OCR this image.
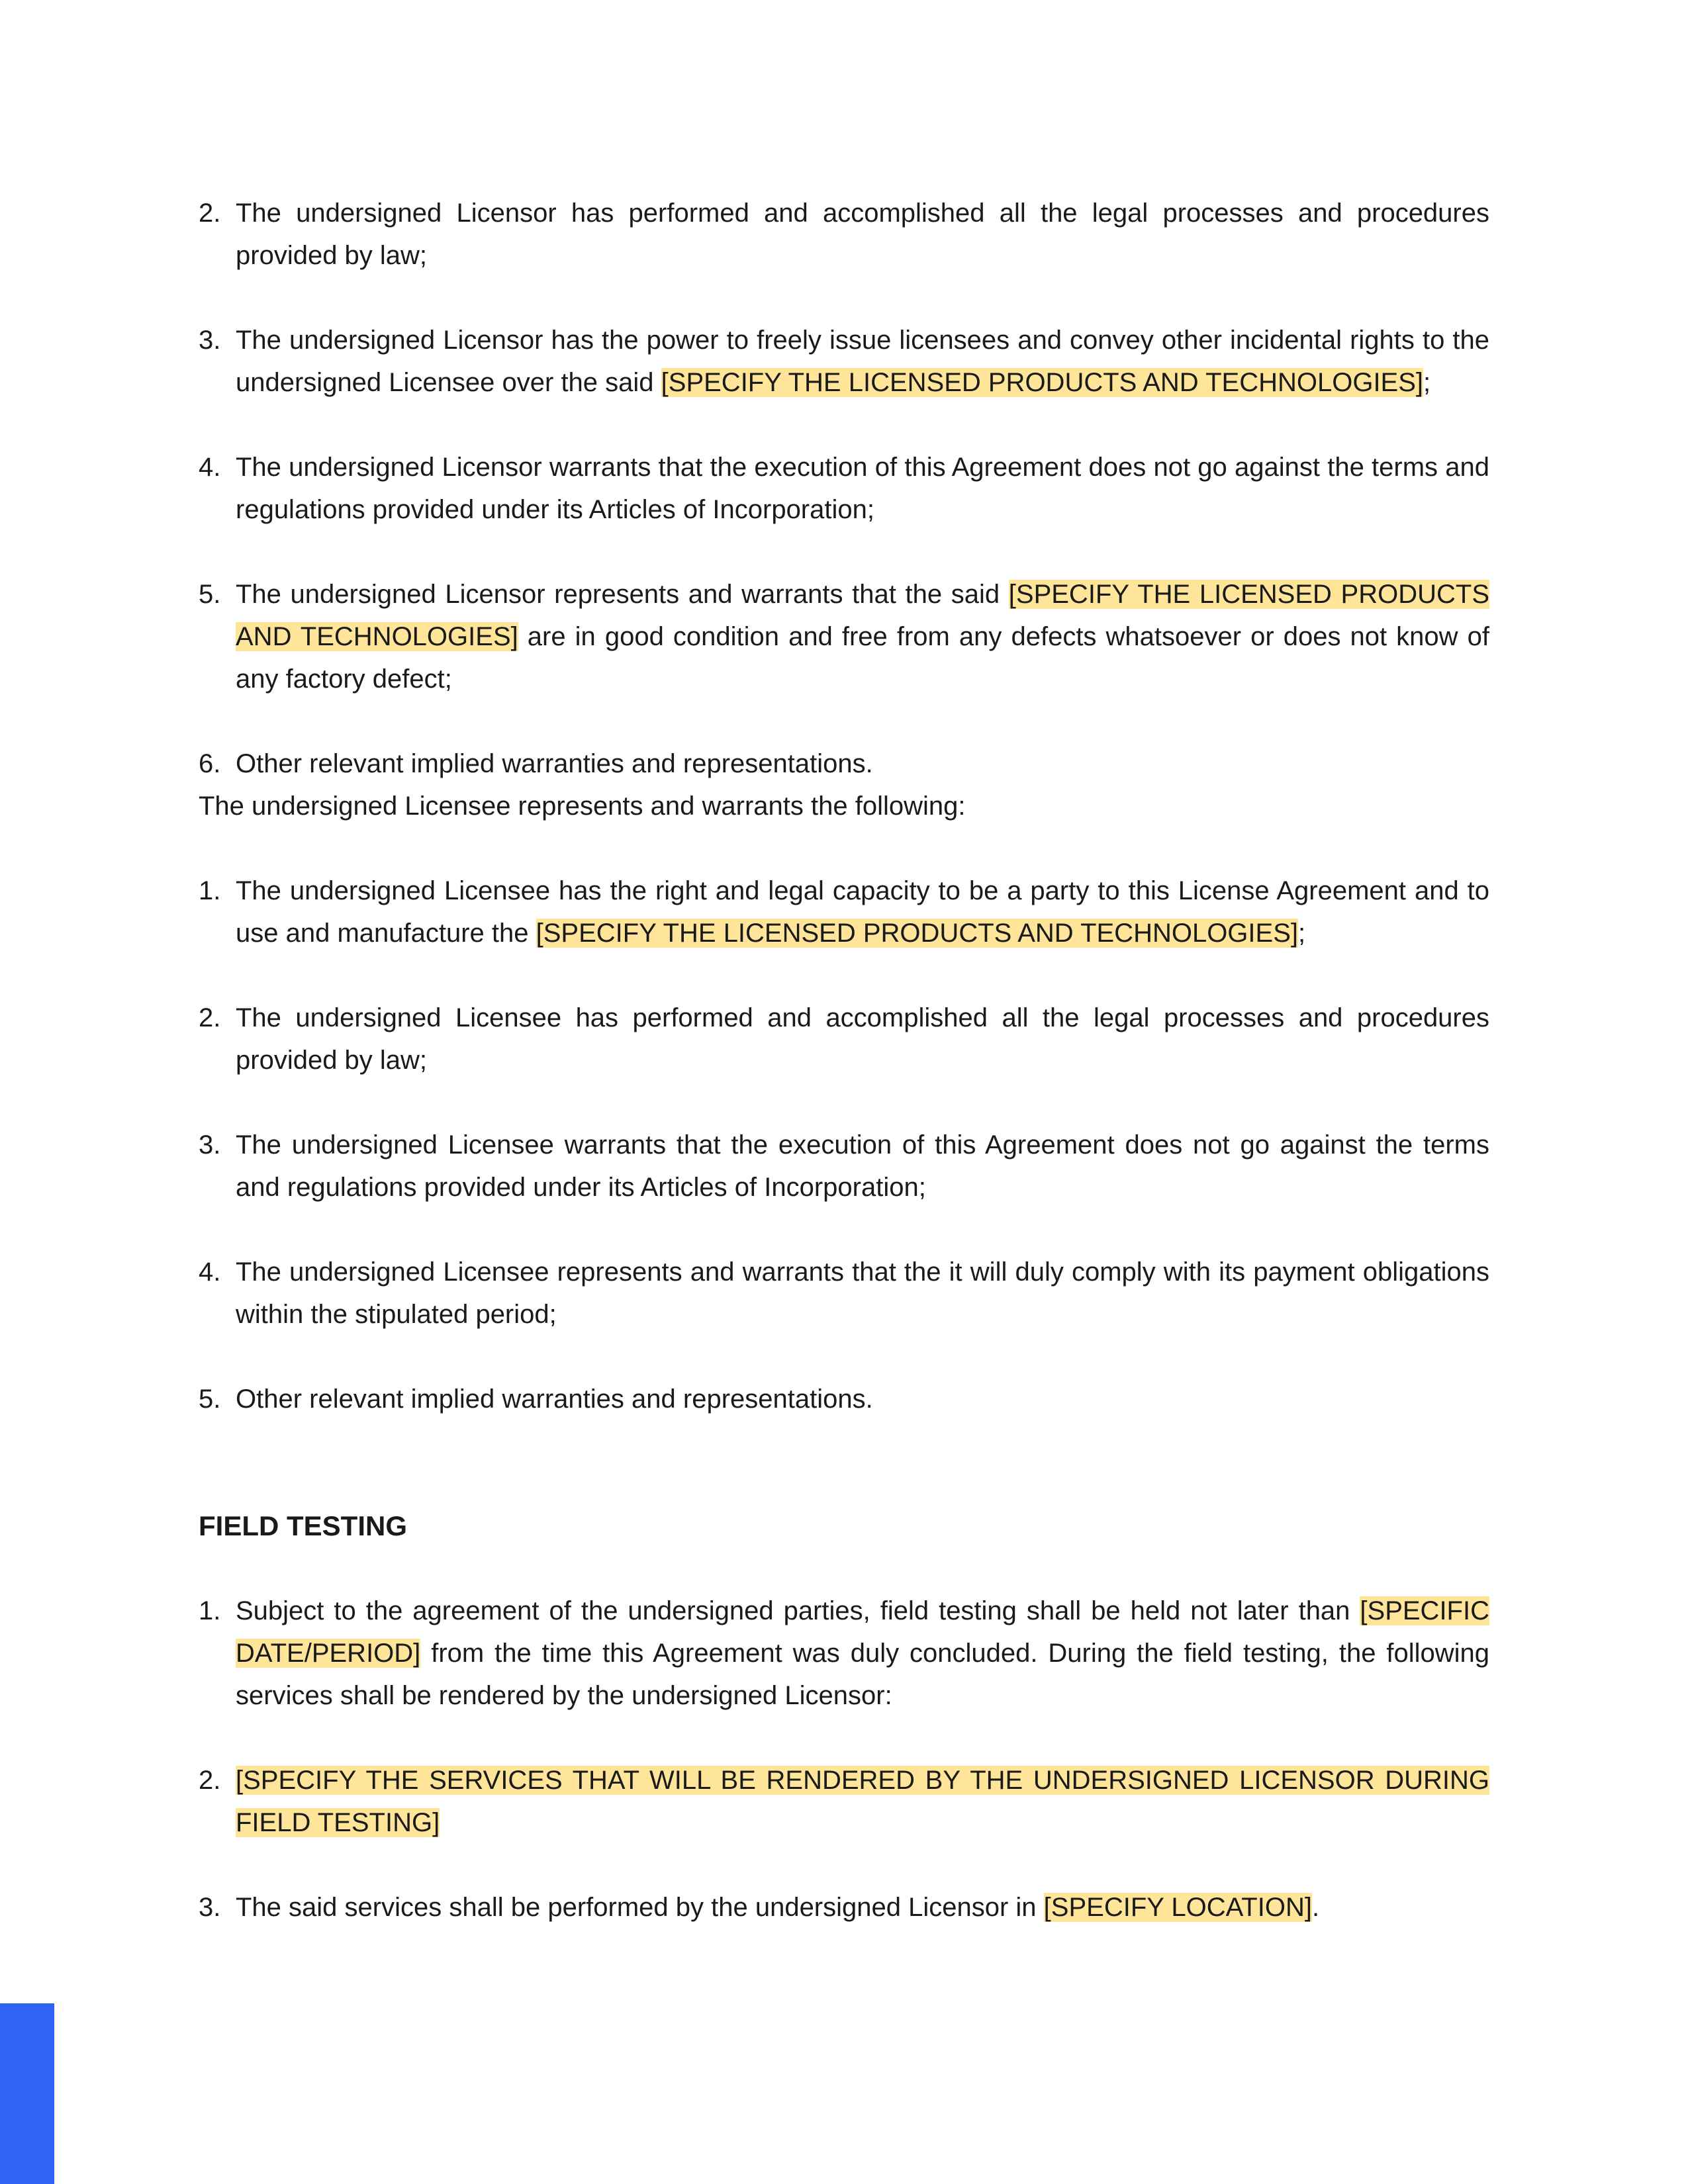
2. The undersigned Licensor has performed and accomplished all the legal processes and procedures provided by law;
3. The undersigned Licensor has the power to freely issue licensees and convey other incidental rights to the undersigned Licensee over the said [SPECIFY THE LICENSED PRODUCTS AND TECHNOLOGIES];
4. The undersigned Licensor warrants that the execution of this Agreement does not go against the terms and regulations provided under its Articles of Incorporation;
5. The undersigned Licensor represents and warrants that the said [SPECIFY THE LICENSED PRODUCTS AND TECHNOLOGIES] are in good condition and free from any defects whatsoever or does not know of any factory defect;
6. Other relevant implied warranties and representations.

The undersigned Licensee represents and warrants the following:

1. The undersigned Licensee has the right and legal capacity to be a party to this License Agreement and to use and manufacture the [SPECIFY THE LICENSED PRODUCTS AND TECHNOLOGIES];
2. The undersigned Licensee has performed and accomplished all the legal processes and procedures provided by law;
3. The undersigned Licensee warrants that the execution of this Agreement does not go against the terms and regulations provided under its Articles of Incorporation;
4. The undersigned Licensee represents and warrants that the it will duly comply with its payment obligations within the stipulated period;
5. Other relevant implied warranties and representations.
FIELD TESTING
1. Subject to the agreement of the undersigned parties, field testing shall be held not later than [SPECIFIC DATE/PERIOD] from the time this Agreement was duly concluded. During the field testing, the following services shall be rendered by the undersigned Licensor:
2. [SPECIFY THE SERVICES THAT WILL BE RENDERED BY THE UNDERSIGNED LICENSOR DURING FIELD TESTING]
3. The said services shall be performed by the undersigned Licensor in [SPECIFY LOCATION].
